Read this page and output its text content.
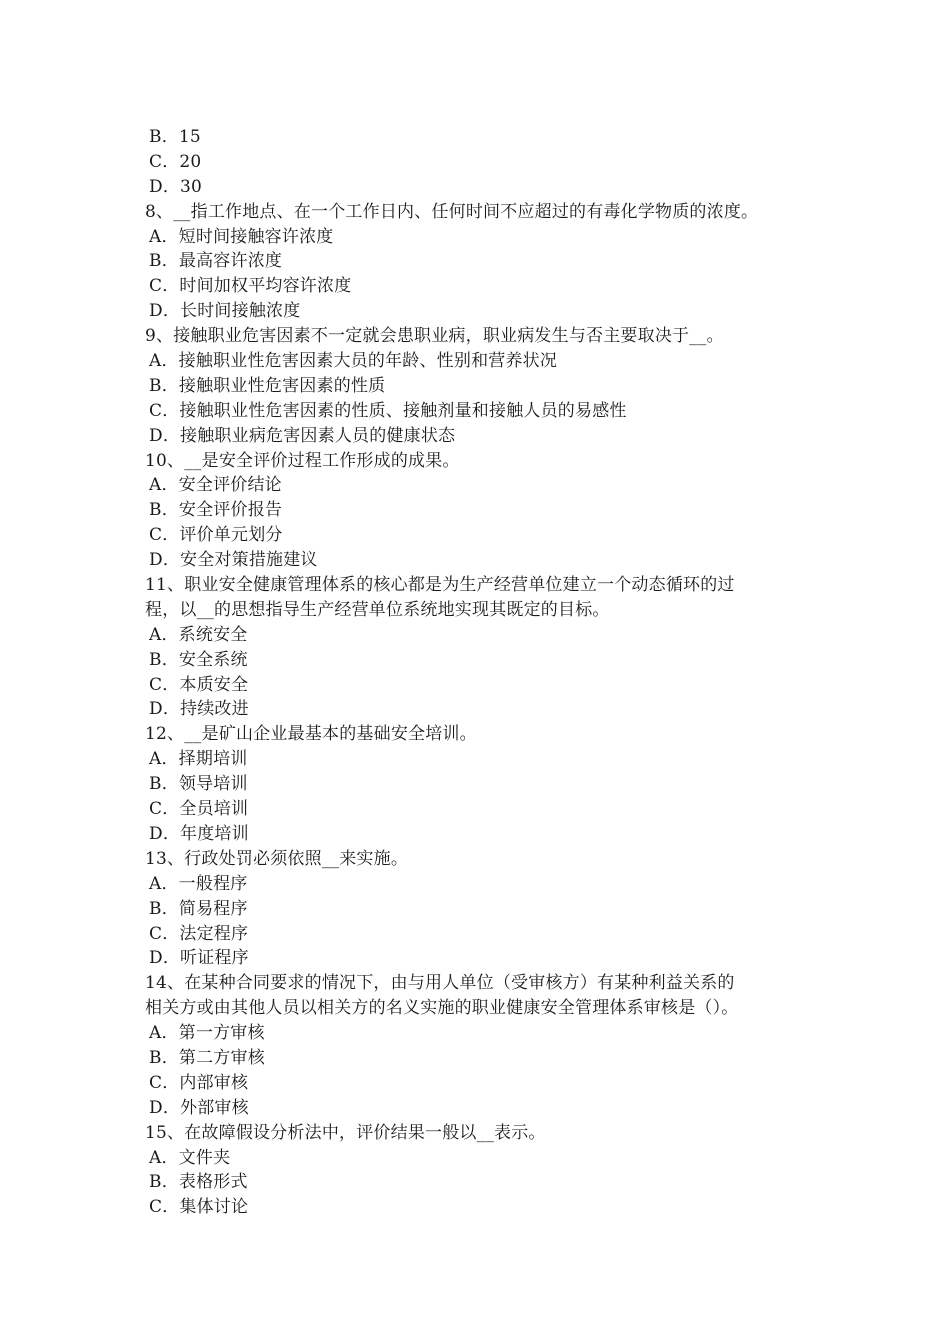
B．15
C．20
D．30
8、__指工作地点、在一个工作日内、任何时间不应超过的有毒化学物质的浓度。
A．短时间接触容许浓度
B．最高容许浓度
C．时间加权平均容许浓度
D．长时间接触浓度
9、接触职业危害因素不一定就会患职业病，职业病发生与否主要取决于__。
A．接触职业性危害因素大员的年龄、性别和营养状况
B．接触职业性危害因素的性质
C．接触职业性危害因素的性质、接触剂量和接触人员的易感性
D．接触职业病危害因素人员的健康状态
10、__是安全评价过程工作形成的成果。
A．安全评价结论
B．安全评价报告
C．评价单元划分
D．安全对策措施建议
11、职业安全健康管理体系的核心都是为生产经营单位建立一个动态循环的过
程，以__的思想指导生产经营单位系统地实现其既定的目标。
A．系统安全
B．安全系统
C．本质安全
D．持续改进
12、__是矿山企业最基本的基础安全培训。
A．择期培训
B．领导培训
C．全员培训
D．年度培训
13、行政处罚必须依照__来实施。
A．一般程序
B．简易程序
C．法定程序
D．听证程序
14、在某种合同要求的情况下，由与用人单位（受审核方）有某种利益关系的
相关方或由其他人员以相关方的名义实施的职业健康安全管理体系审核是（）。
A．第一方审核
B．第二方审核
C．内部审核
D．外部审核
15、在故障假设分析法中，评价结果一般以__表示。
A．文件夹
B．表格形式
C．集体讨论
